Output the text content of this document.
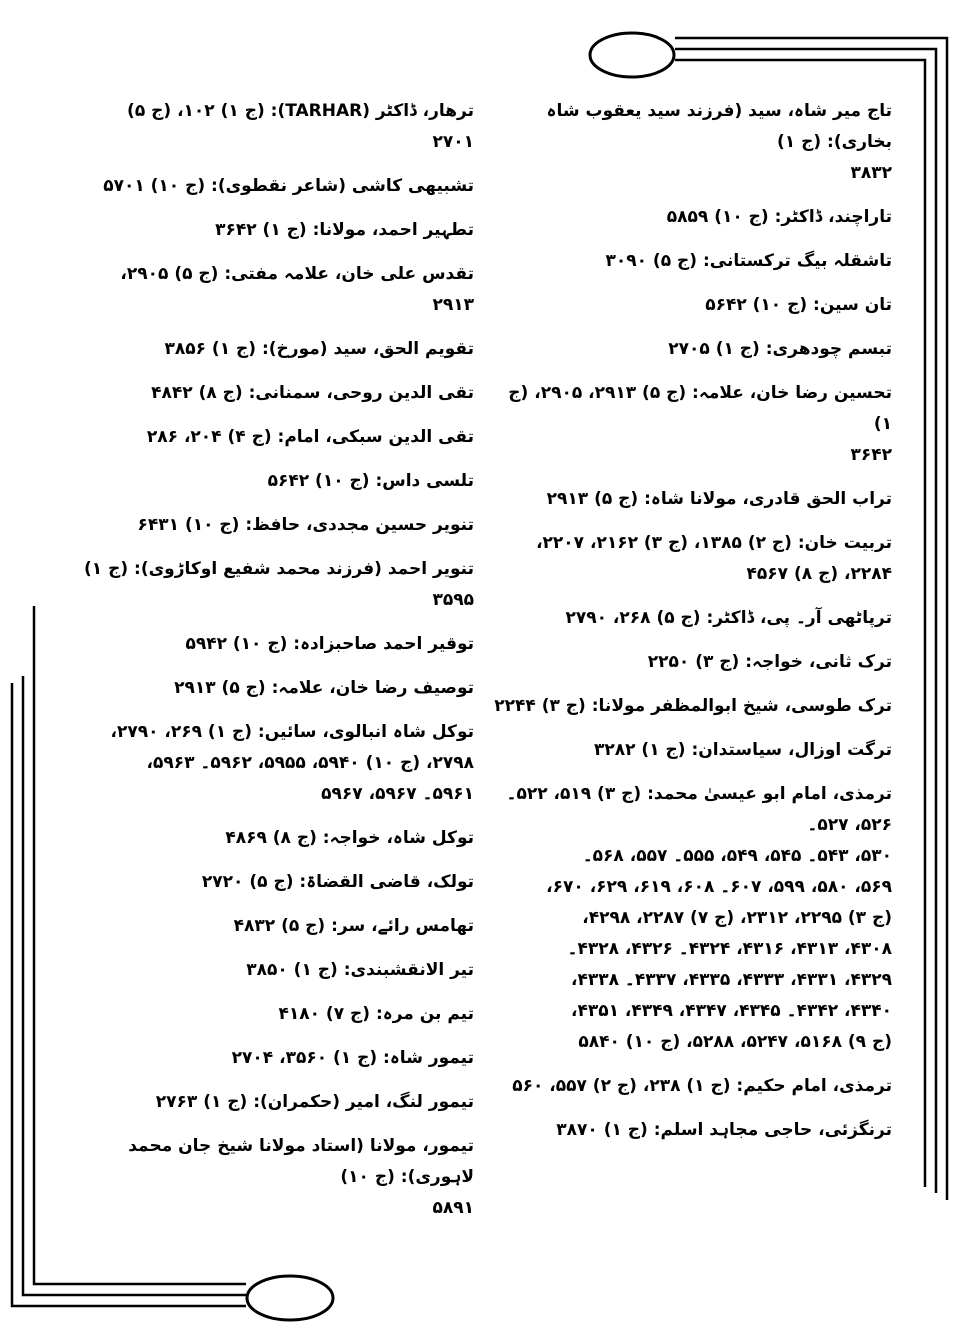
تاج میر شاہ، سید (فرزند سید یعقوب شاہ بخاری): (ج ۱)
۳۸۳۲
تاراچند، ڈاکٹر: (ج ۱۰) ۵۸۵۹
تاشقلہ بیگ ترکستانی: (ج ۵) ۳۰۹۰
تان سین: (ج ۱۰) ۵۶۴۲
تبسم چودھری: (ج ۱) ۲۷۰۵
تحسین رضا خان، علامہ: (ج ۵) ۲۹۱۳، ۲۹۰۵، (ج ۱)
۳۶۴۲
تراب الحق قادری، مولانا شاہ: (ج ۵) ۲۹۱۳
تربیت خان: (ج ۲) ۱۳۸۵، (ج ۳) ۲۱۶۲، ۲۲۰۷،
۲۲۸۴، (ج ۸) ۴۵۶۷
ترپاٹھی آر۔ پی، ڈاکٹر: (ج ۵) ۲۶۸، ۲۷۹۰
ترک ثانی، خواجہ: (ج ۳) ۲۲۵۰
ترک طوسی، شیخ ابوالمظفر مولانا: (ج ۳) ۲۲۴۴
ترگت اوزال، سیاستدان: (ج ۱) ۳۲۸۲
ترمذی، امام ابو عیسیٰ محمد: (ج ۳) ۵۱۹، ۵۲۲۔ ۵۲۶، ۵۲۷۔
۵۳۰، ۵۴۳۔ ۵۴۵، ۵۴۹، ۵۵۵۔ ۵۵۷، ۵۶۸۔
۵۶۹، ۵۸۰، ۵۹۹، ۶۰۷۔ ۶۰۸، ۶۱۹، ۶۲۹، ۶۷۰،
(ج ۳) ۲۲۹۵، ۲۳۱۲، (ج ۷) ۲۲۸۷، ۴۲۹۸،
۴۳۰۸، ۴۳۱۳، ۴۳۱۶، ۴۳۲۴۔ ۴۳۲۶، ۴۳۲۸۔
۴۳۲۹، ۴۳۳۱، ۴۳۳۳، ۴۳۳۵، ۴۳۳۷۔ ۴۳۳۸،
۴۳۴۰، ۴۳۴۲۔ ۴۳۴۵، ۴۳۴۷، ۴۳۴۹، ۴۳۵۱،
(ج ۹) ۵۱۶۸، ۵۲۴۷، ۵۲۸۸، (ج ۱۰) ۵۸۴۰
ترمذی، امام حکیم: (ج ۱) ۲۳۸، (ج ۲) ۵۵۷، ۵۶۰
ترنگزئی، حاجی مجاہد اسلم: (ج ۱) ۳۸۷۰
ترھار، ڈاکٹر (TARHAR): (ج ۱) ۱۰۲، (ج ۵)
۲۷۰۱
تشبیھی کاشی (شاعر نقطوی): (ج ۱۰) ۵۷۰۱
تطہیر احمد، مولانا: (ج ۱) ۳۶۴۲
تقدس علی خان، علامہ مفتی: (ج ۵) ۲۹۰۵، ۲۹۱۳
تقویم الحق، سید (مورخ): (ج ۱) ۳۸۵۶
تقی الدین روحی، سمنانی: (ج ۸) ۴۸۴۲
تقی الدین سبکی، امام: (ج ۴) ۲۰۴، ۲۸۶
تلسی داس: (ج ۱۰) ۵۶۴۲
تنویر حسین مجددی، حافظ: (ج ۱۰) ۶۴۳۱
تنویر احمد (فرزند محمد شفیع اوکاڑوی): (ج ۱) ۳۵۹۵
توقیر احمد صاحبزادہ: (ج ۱۰) ۵۹۴۲
توصیف رضا خان، علامہ: (ج ۵) ۲۹۱۳
توکل شاہ انبالوی، سائیں: (ج ۱) ۲۶۹، ۲۷۹۰،
۲۷۹۸، (ج ۱۰) ۵۹۴۰، ۵۹۵۵، ۵۹۶۲۔ ۵۹۶۳،
۵۹۶۱۔ ۵۹۶۷، ۵۹۶۷
توکل شاہ، خواجہ: (ج ۸) ۴۸۶۹
تولک، قاضی القضاۃ: (ج ۵) ۲۷۲۰
تھامس رائے، سر: (ج ۵) ۴۸۳۲
تیر الانقشبندی: (ج ۱) ۳۸۵۰
تیم بن مرہ: (ج ۷) ۴۱۸۰
تیمور شاہ: (ج ۱) ۳۵۶۰، ۲۷۰۴
تیمور لنگ، امیر (حکمران): (ج ۱) ۲۷۶۳
تیمور، مولانا (استاد مولانا شیخ جان محمد لاہوری): (ج ۱۰)
۵۸۹۱
